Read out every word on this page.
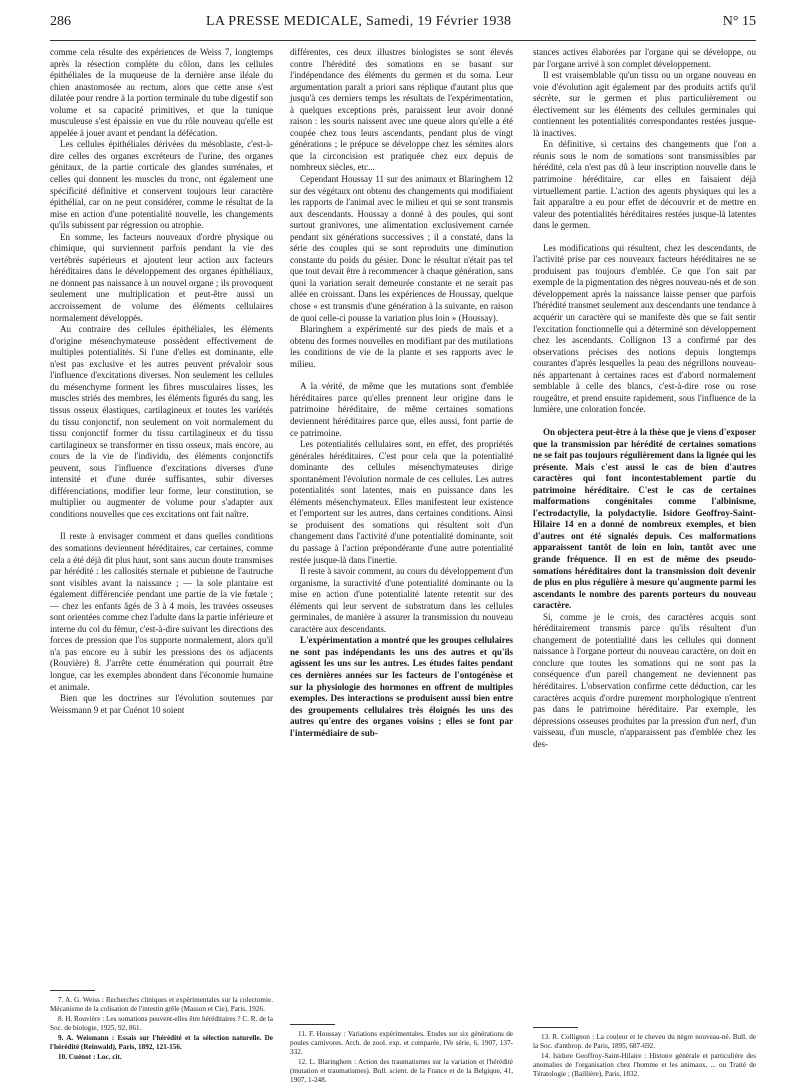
286	LA PRESSE MEDICALE, Samedi, 19 Février 1938	N° 15

comme cela résulte des expériences de Weiss 7, longtemps après la résection complète du côlon, dans les cellules épithéliales de la muqueuse de la dernière anse iléale du chien anastomosée au rectum, alors que cette anse s'est dilatée pour rendre à la portion terminale du tube digestif son volume et sa capacité primitives, et que la tunique musculeuse s'est épaissie en vue du rôle nouveau qu'elle est appelée à jouer avant et pendant la défécation.

Les cellules épithéliales dérivées du mésoblaste, c'est-à-dire celles des organes excréteurs de l'urine, des organes génitaux, de la partie corticale des glandes surrénales, et celles qui donnent les muscles du tronc, ont également une spécificité définitive et conservent toujours leur caractère épithélial, car on ne peut considérer, comme le résultat de la mise en action d'une potentialité nouvelle, les changements qu'ils subissent par régression ou atrophie.

En somme, les facteurs nouveaux d'ordre physique ou chimique, qui surviennent parfois pendant la vie des vertébrés supérieurs et ajoutent leur action aux facteurs héréditaires dans le développement des organes épithéliaux, ne donnent pas naissance à un nouvel organe ; ils provoquent seulement une multiplication et peut-être aussi un accroissement de volume des éléments cellulaires normalement développés.

Au contraire des cellules épithéliales, les éléments d'origine mésenchymateuse possèdent effectivement de multiples potentialités. Si l'une d'elles est dominante, elle n'est pas exclusive et les autres peuvent prévaloir sous l'influence d'excitations diverses. Non seulement les cellules du mésenchyme forment les fibres musculaires lisses, les muscles striés des membres, les éléments figurés du sang, les tissus osseux élastiques, cartilagineux et toutes les variétés du tissu conjonctif, non seulement on voit normalement du tissu conjonctif former du tissu cartilagineux et du tissu cartilagineux se transformer en tissu osseux, mais encore, au cours de la vie de l'individu, des éléments conjonctifs peuvent, sous l'influence d'excitations diverses d'une intensité et d'une durée suffisantes, subir diverses différenciations, modifier leur forme, leur constitution, se multiplier ou augmenter de volume pour s'adapter aux conditions nouvelles que ces excitations ont fait naître.

Il reste à envisager comment et dans quelles conditions des somations deviennent héréditaires, car certaines, comme cela a été déjà dit plus haut, sont sans aucun doute transmises par hérédité : les callosités sternale et pubienne de l'autruche sont visibles avant la naissance ; — la sole plantaire est également différenciée pendant une partie de la vie fœtale ; — chez les enfants âgés de 3 à 4 mois, les travées osseuses sont orientées comme chez l'adulte dans la partie inférieure et interne du col du fémur, c'est-à-dire suivant les directions des forces de pression que l'os supporte normalement, alors qu'il n'a pas encore eu à subir les pressions des os adjacents (Rouvière) 8. J'arrête cette énumération qui pourrait être longue, car les exemples abondent dans l'économie humaine et animale.

Bien que les doctrines sur l'évolution soutenues par Weissmann 9 et par Cuénot 10 soient

différentes, ces deux illustres biologistes se sont élevés contre l'hérédité des somations en se basant sur l'indépendance des éléments du germen et du soma. Leur argumentation paraît a priori sans réplique d'autant plus que jusqu'à ces derniers temps les résultats de l'expérimentation, à quelques exceptions près, paraissent leur avoir donné raison : les souris naissent avec une queue alors qu'elle a été coupée chez tous leurs ascendants, pendant plus de vingt générations ; le prépuce se développe chez les sémites alors que la circoncision est pratiquée chez eux depuis de nombreux siècles, etc...

Cependant Houssay 11 sur des animaux et Blaringhem 12 sur des végétaux ont obtenu des changements qui modifiaient les rapports de l'animal avec le milieu et qui se sont transmis aux descendants. Houssay a donné à des poules, qui sont surtout granivores, une alimentation exclusivement carnée pendant six générations successives ; il a constaté, dans la série des couples qui se sont reproduits une diminution constante du poids du gésier. Donc le résultat n'était pas tel que tout devait être à recommencer à chaque génération, sans quoi la variation serait demeurée constante et ne serait pas allée en croissant. Dans les expériences de Houssay, quelque chose « est transmis d'une génération à la suivante, en raison de quoi celle-ci pousse la variation plus loin » (Houssay).

Blaringhem a expérimenté sur des pieds de maïs et a obtenu des formes nouvelles en modifiant par des mutilations les conditions de vie de la plante et ses rapports avec le milieu.

A la vérité, de même que les mutations sont d'emblée héréditaires parce qu'elles prennent leur origine dans le patrimoine héréditaire, de même certaines somations deviennent héréditaires parce que, elles aussi, font partie de ce patrimoine.

Les potentialités cellulaires sont, en effet, des propriétés générales héréditaires. C'est pour cela que la potentialité dominante des cellules mésenchymateuses dirige spontanément l'évolution normale de ces cellules. Les autres potentialités sont latentes, mais en puissance dans les éléments mésenchymateux. Elles manifestent leur existence et l'emportent sur les autres, dans certaines conditions. Ainsi se produisent des somations qui résultent soit d'un changement dans l'activité d'une potentialité dominante, soit du passage à l'action prépondérante d'une autre potentialité restée jusque-là dans l'inertie.

Il reste à savoir comment, au cours du développement d'un organisme, la suractivité d'une potentialité dominante ou la mise en action d'une potentialité latente retentit sur des éléments qui leur servent de substratum dans les cellules germinales, de manière à assurer la transmission du nouveau caractère aux descendants.

L'expérimentation a montré que les groupes cellulaires ne sont pas indépendants les uns des autres et qu'ils agissent les uns sur les autres. Les études faites pendant ces dernières années sur les facteurs de l'ontogénèse et sur la physiologie des hormones en offrent de multiples exemples. Des interactions se produisent aussi bien entre des groupements cellulaires très éloignés les uns des autres qu'entre des organes voisins ; elles se font par l'intermédiaire de sub-

stances actives élaborées par l'organe qui se développe, ou par l'organe arrivé à son complet développement.

Il est vraisemblable qu'un tissu ou un organe nouveau en voie d'évolution agit également par des produits actifs qu'il sécrète, sur le germen et plus particulièrement ou électivement sur les éléments des cellules germinales qui contiennent les potentialités correspondantes restées jusque-là inactives.

En définitive, si certains des changements que l'on a réunis sous le nom de somations sont transmissibles par hérédité, cela n'est pas dû à leur inscription nouvelle dans le patrimoine héréditaire, car elles en faisaient déjà virtuellement partie. L'action des agents physiques qui les a fait apparaître a eu pour effet de découvrir et de mettre en valeur des potentialités héréditaires restées jusque-là latentes dans le germen.

Les modifications qui résultent, chez les descendants, de l'activité prise par ces nouveaux facteurs héréditaires ne se produisent pas toujours d'emblée. Ce que l'on sait par exemple de la pigmentation des nègres nouveau-nés et de son développement après la naissance laisse penser que parfois l'hérédité transmet seulement aux descendants une tendance à acquérir un caractère qui se manifeste dès que se fait sentir l'excitation fonctionnelle qui a déterminé son développement chez les ascendants. Collignon 13 a confirmé par des observations précises des notions depuis longtemps courantes d'après lesquelles la peau des négrillons nouveau-nés appartenant à certaines races est d'abord normalement semblable à celle des blancs, c'est-à-dire rose ou rose rougeâtre, et prend ensuite rapidement, sous l'influence de la lumière, une coloration foncée.

On objectera peut-être à la thèse que je viens d'exposer que la transmission par hérédité de certaines somations ne se fait pas toujours régulièrement dans la lignée qui les présente. Mais c'est aussi le cas de bien d'autres caractères qui font incontestablement partie du patrimoine héréditaire. C'est le cas de certaines malformations congénitales comme l'albinisme, l'ectrodactylie, la polydactylie. Isidore Geoffroy-Saint-Hilaire 14 en a donné de nombreux exemples, et bien d'autres ont été signalés depuis. Ces malformations apparaissent tantôt de loin en loin, tantôt avec une grande fréquence. Il en est de même des pseudo-somations héréditaires dont la transmission doit devenir de plus en plus régulière à mesure qu'augmente parmi les ascendants le nombre des parents porteurs du nouveau caractère.

Si, comme je le crois, des caractères acquis sont héréditairement transmis parce qu'ils résultent d'un changement de potentialité dans les cellules qui donnent naissance à l'organe porteur du nouveau caractère, on doit en conclure que toutes les somations qui ne sont pas la conséquence d'un pareil changement ne deviennent pas héréditaires. L'observation confirme cette déduction, car les caractères acquis d'ordre purement morphologique n'entrent pas dans le patrimoine héréditaire. Par exemple, les dépressions osseuses produites par la pression d'un nerf, d'un vaisseau, d'un muscle, n'apparaissent pas d'emblée chez les des-

7. A. G. Weiss : Recherches cliniques et expérimentales sur la colectomie. Mécanisme de la colisation de l'intestin grêle (Masson et Cie), Paris, 1926.

8. H. Rouvière : Les somations peuvent-elles être héréditaires ? C. R. de la Soc. de biologie, 1925, 92, 861.

9. A. Weismann : Essais sur l'hérédité et la sélection naturelle. De l'hérédité (Reinwald), Paris, 1892, 121-156.

10. Cuénot : Loc. cit.

11. F. Houssay : Variations expérimentales. Etudes sur six générations de poules carnivores. Arch. de zool. exp. et comparée, IVe série, 6, 1907, 137-332.

12. L. Blaringhem : Action des traumatismes sur la variation et l'hérédité (mutation et traumatismes). Bull. scient. de la France et de la Belgique, 41, 1907, 1-248.

13. R. Collignon : La couleur et le cheveu du nègre nouveau-né. Bull. de la Soc. d'anthrop. de Paris, 1895, 687-692.

14. Isidore Geoffroy-Saint-Hilaire : Histoire générale et particulière des anomalies de l'organisation chez l'homme et les animaux, ... ou Traité de Tératologie ; (Baillière), Paris, 1832.
